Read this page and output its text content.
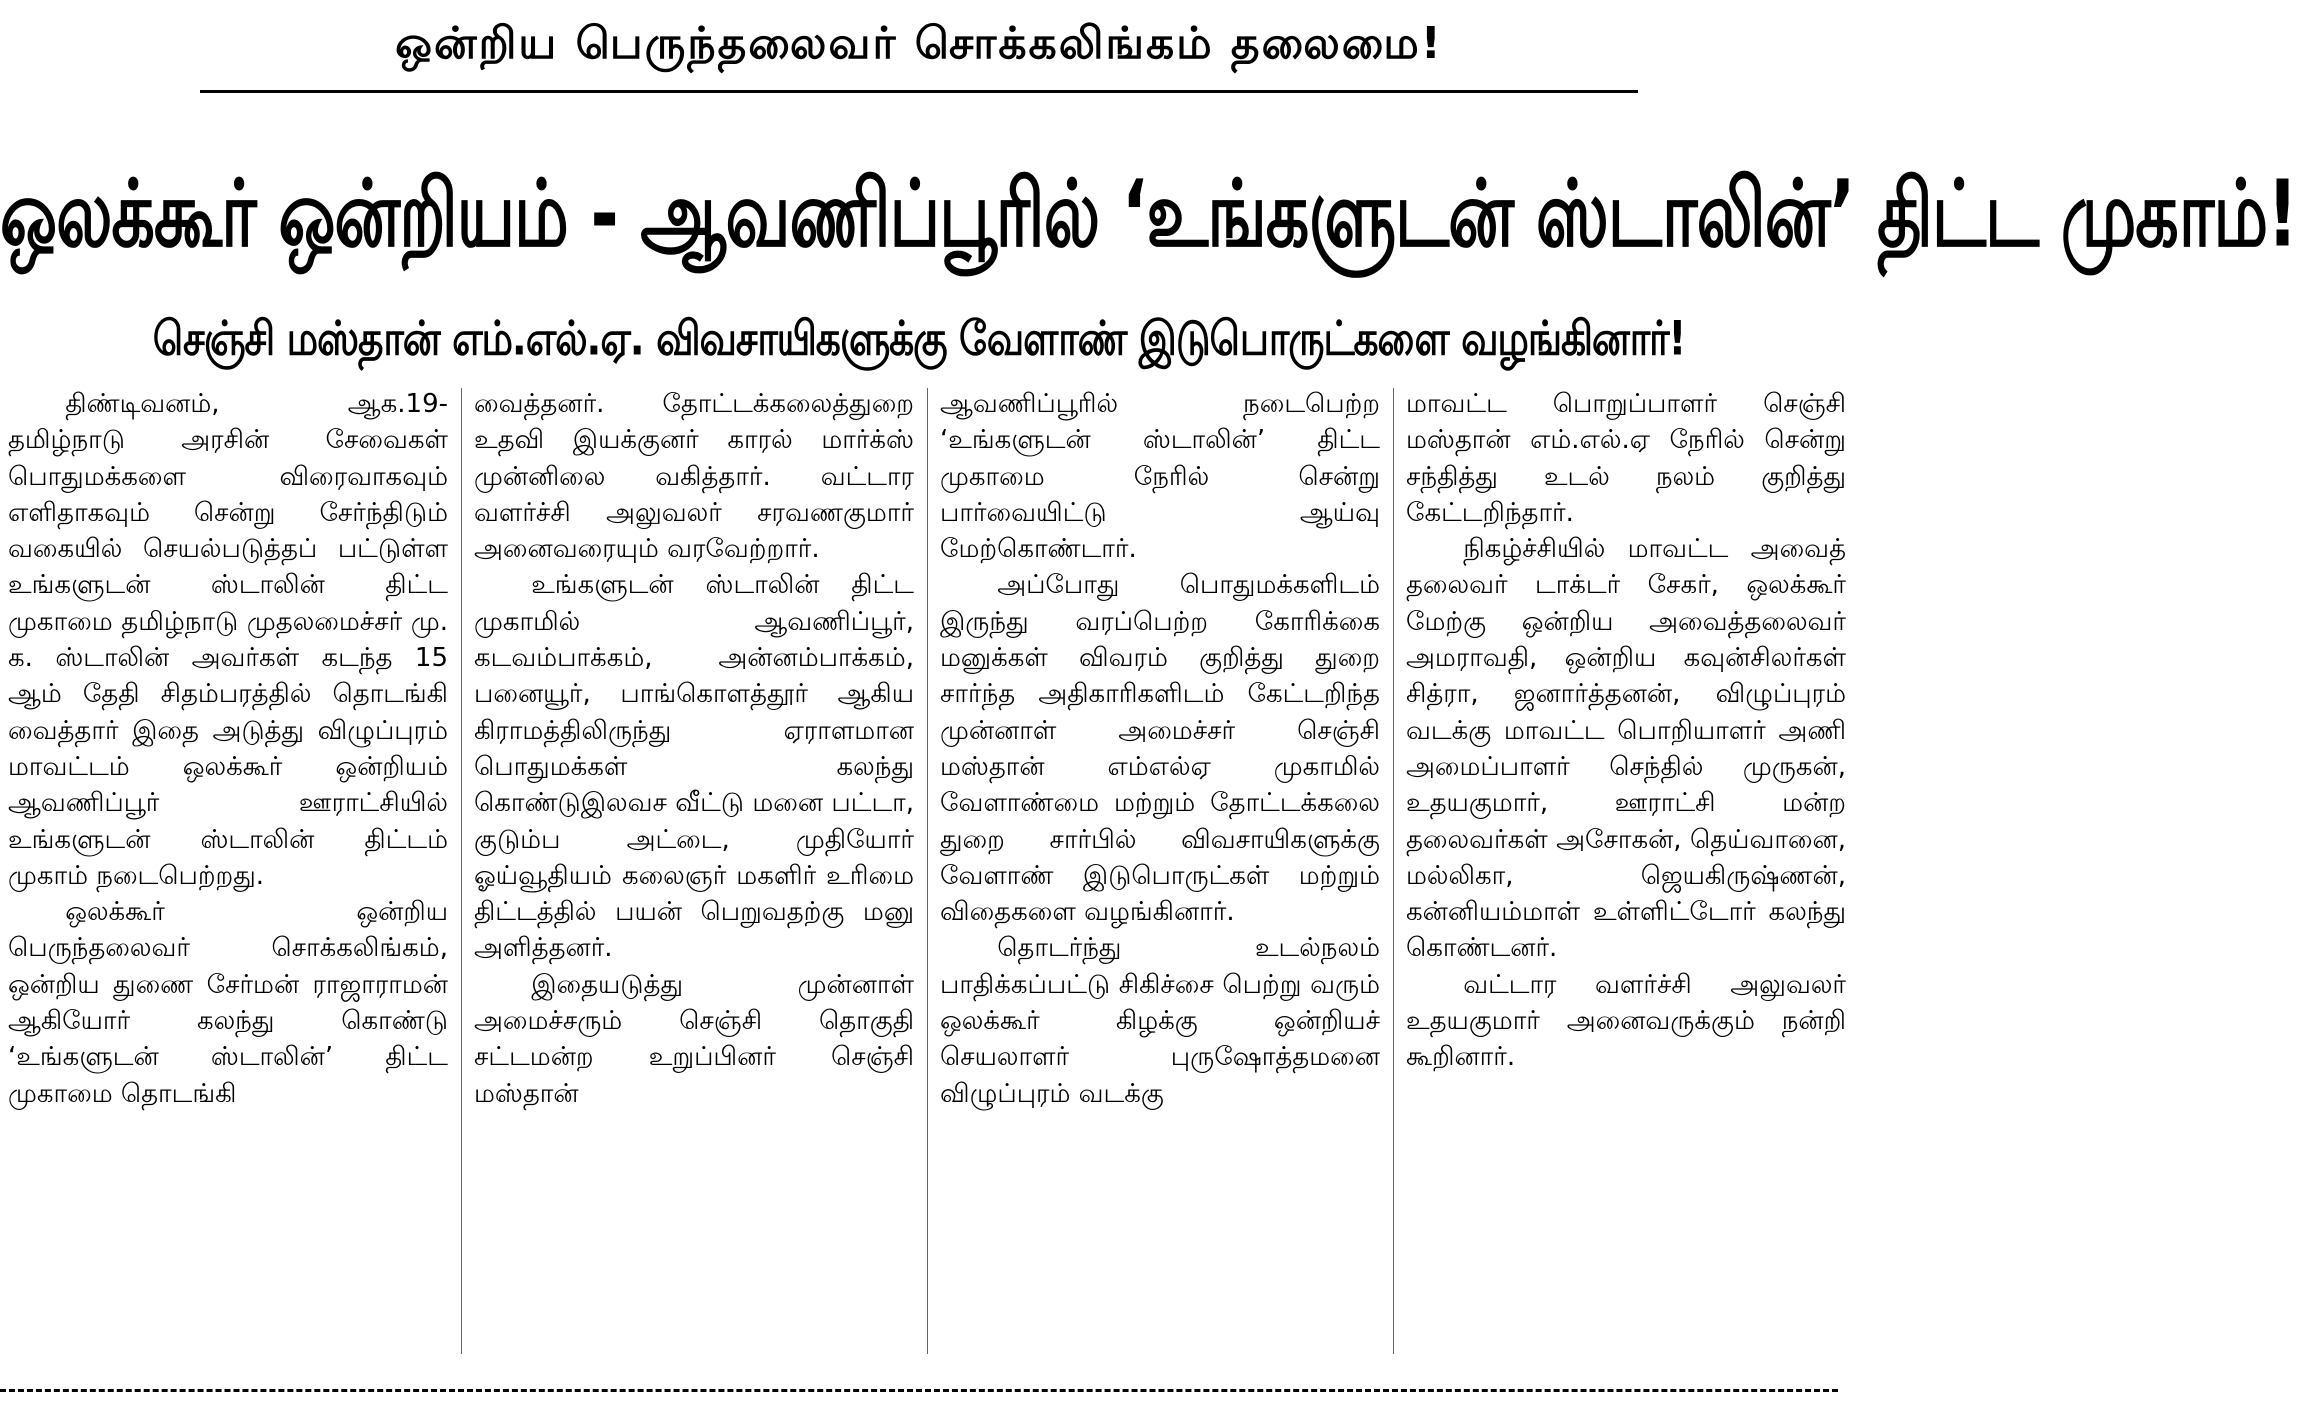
ஒன்றிய பெருந்தலைவர் சொக்கலிங்கம் தலைமை!
ஒலக்கூர் ஒன்றியம் - ஆவணிப்பூரில் ‘உங்களுடன் ஸ்டாலின்’ திட்ட முகாம்!
செஞ்சி மஸ்தான் எம்.எல்.ஏ. விவசாயிகளுக்கு வேளாண் இடுபொருட்களை வழங்கினார்!

திண்டிவனம், ஆக.19- தமிழ்நாடு அரசின் சேவைகள் பொதுமக்களை விரைவாகவும் எளிதாகவும் சென்று சேர்ந்திடும் வகையில் செயல்படுத்தப் பட்டுள்ள உங்களுடன் ஸ்டாலின் திட்ட முகாமை தமிழ்நாடு முதலமைச்சர் மு. க. ஸ்டாலின் அவர்கள் கடந்த 15 ஆம் தேதி சிதம்பரத்தில் தொடங்கி வைத்தார் இதை அடுத்து விழுப்புரம் மாவட்டம் ஒலக்கூர் ஒன்றியம் ஆவணிப்பூர் ஊராட்சியில் உங்களுடன் ஸ்டாலின் திட்டம் முகாம் நடைபெற்றது.

ஒலக்கூர் ஒன்றிய பெருந்தலைவர் சொக்கலிங்கம், ஒன்றிய துணை சேர்மன் ராஜாராமன் ஆகியோர் கலந்து கொண்டு ‘உங்களுடன் ஸ்டாலின்’ திட்ட முகாமை தொடங்கி

வைத்தனர். தோட்டக்கலைத்துறை உதவி இயக்குனர் காரல் மார்க்ஸ் முன்னிலை வகித்தார். வட்டார வளர்ச்சி அலுவலர் சரவணகுமார் அனைவரையும் வரவேற்றார்.

உங்களுடன் ஸ்டாலின் திட்ட முகாமில் ஆவணிப்பூர், கடவம்பாக்கம், அன்னம்பாக்கம், பனையூர், பாங்கொளத்தூர் ஆகிய கிராமத்திலிருந்து ஏராளமான பொதுமக்கள் கலந்து கொண்டுஇலவச வீட்டு மனை பட்டா, குடும்ப அட்டை, முதியோர் ஓய்வூதியம் கலைஞர் மகளிர் உரிமை திட்டத்தில் பயன் பெறுவதற்கு மனு அளித்தனர்.

இதையடுத்து முன்னாள் அமைச்சரும் செஞ்சி தொகுதி சட்டமன்ற உறுப்பினர் செஞ்சி மஸ்தான்

ஆவணிப்பூரில் நடைபெற்ற ‘உங்களுடன் ஸ்டாலின்’ திட்ட முகாமை நேரில் சென்று பார்வையிட்டு ஆய்வு மேற்கொண்டார்.

அப்போது பொதுமக்களிடம் இருந்து வரப்பெற்ற கோரிக்கை மனுக்கள் விவரம் குறித்து துறை சார்ந்த அதிகாரிகளிடம் கேட்டறிந்த முன்னாள் அமைச்சர் செஞ்சி மஸ்தான் எம்எல்ஏ முகாமில் வேளாண்மை மற்றும் தோட்டக்கலை துறை சார்பில் விவசாயிகளுக்கு வேளாண் இடுபொருட்கள் மற்றும் விதைகளை வழங்கினார்.

தொடர்ந்து உடல்நலம் பாதிக்கப்பட்டு சிகிச்சை பெற்று வரும் ஒலக்கூர் கிழக்கு ஒன்றியச் செயலாளர் புருஷோத்தமனை விழுப்புரம் வடக்கு

மாவட்ட பொறுப்பாளர் செஞ்சி மஸ்தான் எம்.எல்.ஏ நேரில் சென்று சந்தித்து உடல் நலம் குறித்து கேட்டறிந்தார்.

நிகழ்ச்சியில் மாவட்ட அவைத் தலைவர் டாக்டர் சேகர், ஒலக்கூர் மேற்கு ஒன்றிய அவைத்தலைவர் அமராவதி, ஒன்றிய கவுன்சிலர்கள் சித்ரா, ஜனார்த்தனன், விழுப்புரம் வடக்கு மாவட்ட பொறியாளர் அணி அமைப்பாளர் செந்தில் முருகன், உதயகுமார், ஊராட்சி மன்ற தலைவர்கள் அசோகன், தெய்வானை, மல்லிகா, ஜெயகிருஷ்ணன், கன்னியம்மாள் உள்ளிட்டோர் கலந்து கொண்டனர்.

வட்டார வளர்ச்சி அலுவலர் உதயகுமார் அனைவருக்கும் நன்றி கூறினார்.
